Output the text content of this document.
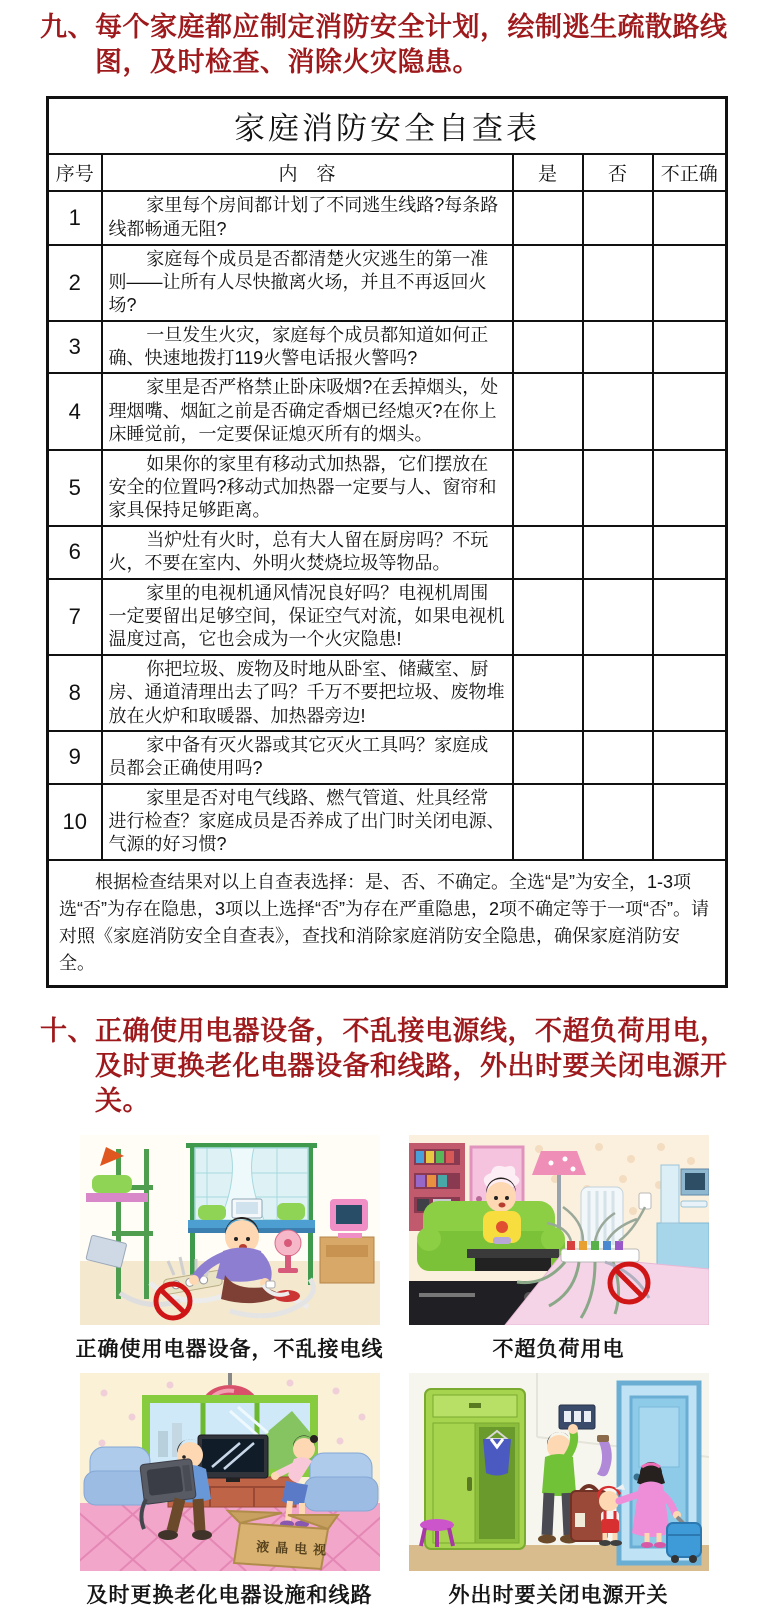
九、 每个家庭都应制定消防安全计划，绘制逃生疏散路线
图，及时检查、消除火灾隐患。
家庭消防安全自查表				
序号	内　容	是	否	不正确
1	家里每个房间都计划了不同逃生线路?每条路线都畅通无阻?			

2	家庭每个成员是否都清楚火灾逃生的第一准则——让所有人尽快撤离火场，并且不再返回火场?			

3	一旦发生火灾，家庭每个成员都知道如何正确、快速地拨打119火警电话报火警吗?			

4	家里是否严格禁止卧床吸烟?在丢掉烟头，处理烟嘴、烟缸之前是否确定香烟已经熄灭?在你上床睡觉前，一定要保证熄灭所有的烟头。			

5	如果你的家里有移动式加热器，它们摆放在安全的位置吗?移动式加热器一定要与人、窗帘和家具保持足够距离。			

6	当炉灶有火时，总有大人留在厨房吗？不玩火，不要在室内、外明火焚烧垃圾等物品。			

7	家里的电视机通风情况良好吗？电视机周围一定要留出足够空间，保证空气对流，如果电视机温度过高，它也会成为一个火灾隐患!			

8	你把垃圾、废物及时地从卧室、储藏室、厨房、通道清理出去了吗？千万不要把垃圾、废物堆放在火炉和取暖器、加热器旁边!			

9	家中备有灭火器或其它灭火工具吗？家庭成员都会正确使用吗?			

10	家里是否对电气线路、燃气管道、灶具经常进行检查？家庭成员是否养成了出门时关闭电源、气源的好习惯?			

根据检查结果对以上自查表选择：是、否、不确定。全选“是”为安全，1-3项选“否”为存在隐患，3项以上选择“否”为存在严重隐患，2项不确定等于一项“否”。请对照《家庭消防安全自查表》，查找和消除家庭消防安全隐患，确保家庭消防安全。				

十、 正确使用电器设备，不乱接电源线，不超负荷用电，
及时更换老化电器设备和线路，外出时要关闭电源开关。
正确使用电器设备，不乱接电线	不超负荷用电
液晶电视
及时更换老化电器设施和线路	外出时要关闭电源开关
